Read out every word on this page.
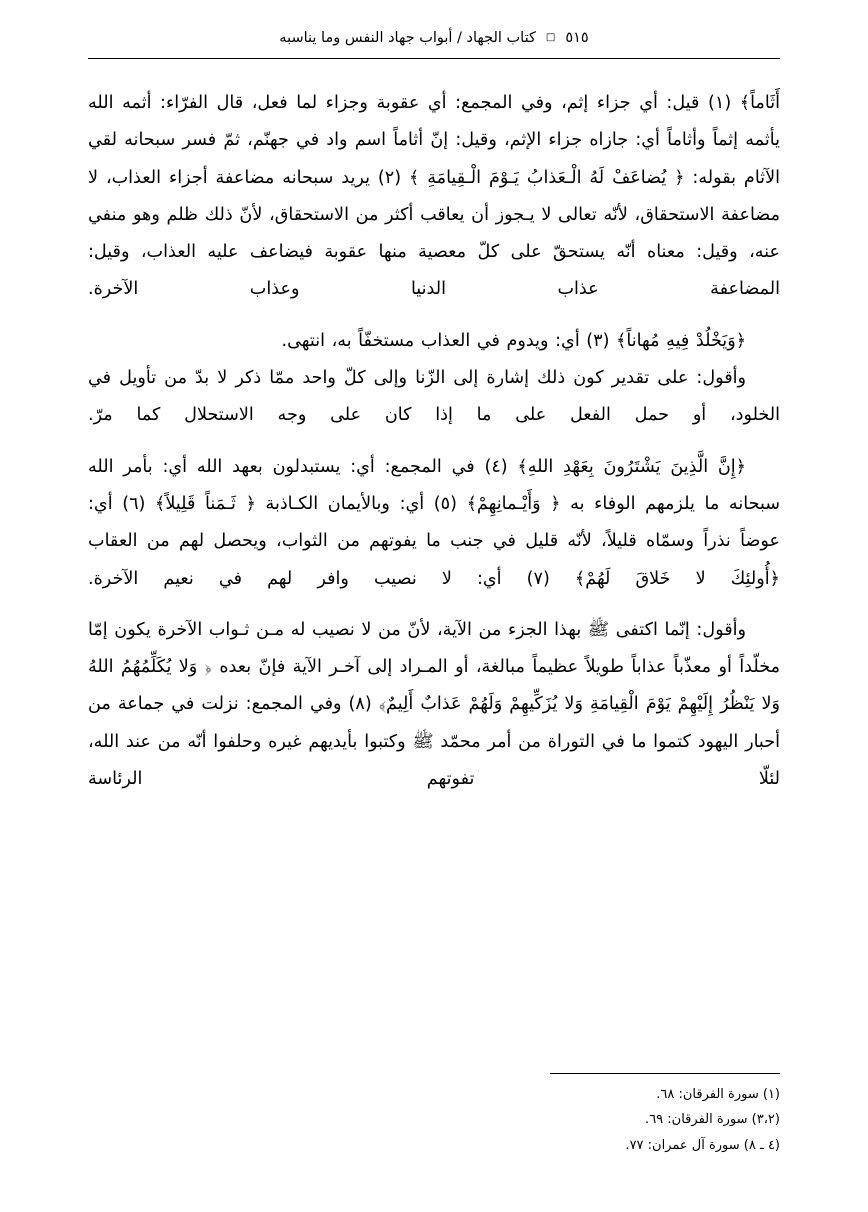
٥١٥
□
كتاب الجهاد / أبواب جهاد النفس وما يناسبه

أَثَاماً﴾ (١) قيل: أي جزاء إثم، وفي المجمع: أي عقوبة وجزاء لما فعل، قال الفرّاء: أثمه الله يأثمه إثماً وأثاماً أي: جازاه جزاء الإثم، وقيل: إنّ أثاماً اسم واد في جهنّم، ثمّ فسر سبحانه لقي الآثام بقوله: ﴿ يُضاعَفْ لَهُ الْـعَذابُ يَـوْمَ الْـقِيامَةِ ﴾ (٢) يريد سبحانه مضاعفة أجزاء العذاب، لا مضاعفة الاستحقاق، لأنّه تعالى لا يـجوز أن يعاقب أكثر من الاستحقاق، لأنّ ذلك ظلم وهو منفي عنه، وقيل: معناه أنّه يستحقّ على كلّ معصية منها عقوبة فيضاعف عليه العذاب، وقيل: المضاعفة عذاب الدنيا وعذاب الآخرة.

﴿وَيَخْلُدْ فِيهِ مُهاناً﴾ (٣) أي: ويدوم في العذاب مستخفّاً به، انتهى.

وأقول: على تقدير كون ذلك إشارة إلى الزّنا وإلى كلّ واحد ممّا ذكر لا بدّ من تأويل في الخلود، أو حمل الفعل على ما إذا كان على وجه الاستحلال كما مرّ.

﴿إِنَّ الَّذِينَ يَشْتَرُونَ بِعَهْدِ اللهِ﴾ (٤) في المجمع: أي: يستبدلون بعهد الله أي: بأمر الله سبحانه ما يلزمهم الوفاء به ﴿ وَأَيْـمانِهِمْ﴾ (٥) أي: وبالأيمان الكـاذبة ﴿ ثَـمَناً قَلِيلاً﴾ (٦) أي: عوضاً نذراً وسمّاه قليلاً، لأنّه قليل في جنب ما يفوتهم من الثواب، ويحصل لهم من العقاب ﴿أُولئِكَ لا خَلاقَ لَهُمْ﴾ (٧) أي: لا نصيب وافر لهم في نعيم الآخرة.

وأقول: إنّما اكتفى ﷺ بهذا الجزء من الآية، لأنّ من لا نصيب له مـن ثـواب الآخرة يكون إمّا مخلّداً أو معذّباً عذاباً طويلاً عظيماً مبالغة، أو المـراد إلى آخـر الآية فإنّ بعده ﴿ وَلا يُكَلِّمُهُمُ اللهُ وَلا يَنْظُرُ إِلَيْهِمْ يَوْمَ الْقِيامَةِ وَلا يُزَكِّيهِمْ وَلَهُمْ عَذابٌ أَلِيمٌ﴾ (٨) وفي المجمع: نزلت في جماعة من أحبار اليهود كتموا ما في التوراة من أمر محمّد ﷺ وكتبوا بأيديهم غيره وحلفوا أنّه من عند الله، لئلّا تفوتهم الرئاسة

(١) سورة الفرقان: ٦٨.
(٣،٢) سورة الفرقان: ٦٩.
(٤ ـ ٨) سورة آل عمران: ٧٧.
